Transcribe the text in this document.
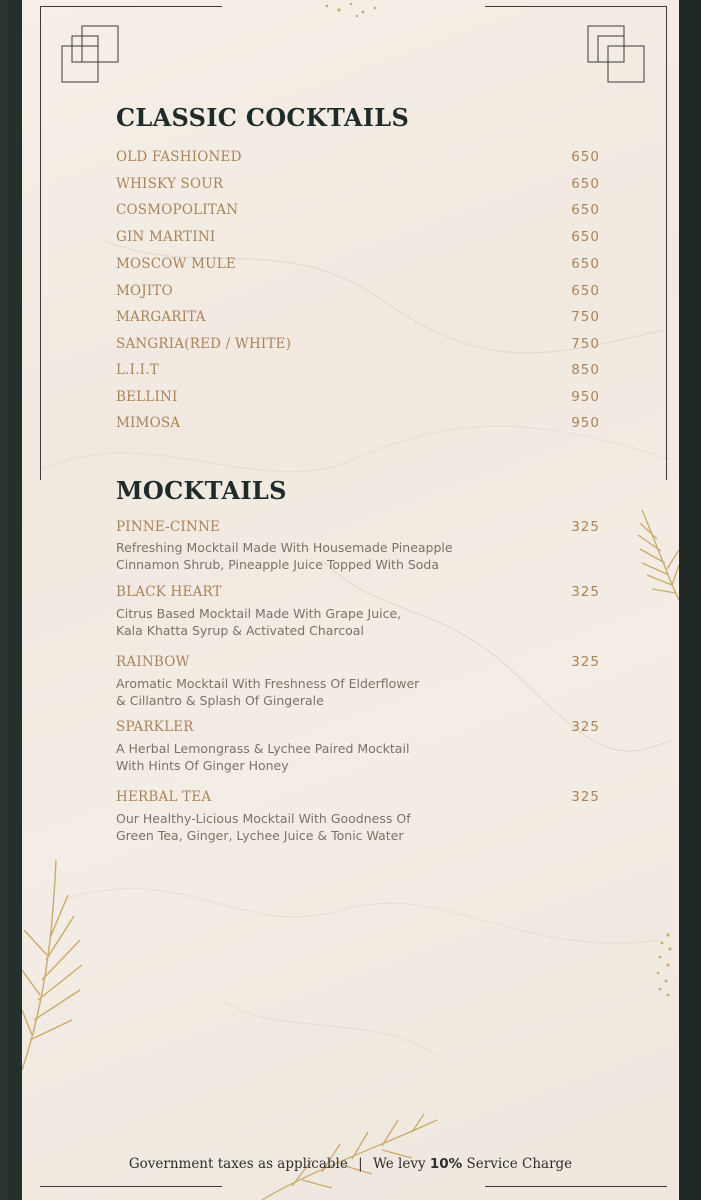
CLASSIC COCKTAILS
OLD FASHIONED	650
WHISKY SOUR	650
COSMOPOLITAN	650
GIN MARTINI	650
MOSCOW MULE	650
MOJITO	650
MARGARITA	750
SANGRIA(RED / WHITE)	750
L.I.I.T	850
BELLINI	950
MIMOSA	950
MOCKTAILS
PINNE-CINNE	325
Refreshing Mocktail Made With Housemade Pineapple
Cinnamon Shrub, Pineapple Juice Topped With Soda
BLACK HEART	325
Citrus Based Mocktail Made With Grape Juice,
Kala Khatta Syrup & Activated Charcoal
RAINBOW	325
Aromatic Mocktail With Freshness Of Elderflower
& Cillantro & Splash Of Gingerale
SPARKLER	325
A Herbal Lemongrass & Lychee Paired Mocktail
With Hints Of Ginger Honey
HERBAL TEA	325
Our Healthy-Licious Mocktail With Goodness Of
Green Tea, Ginger, Lychee Juice & Tonic Water
Government taxes as applicable | We levy 10% Service Charge
